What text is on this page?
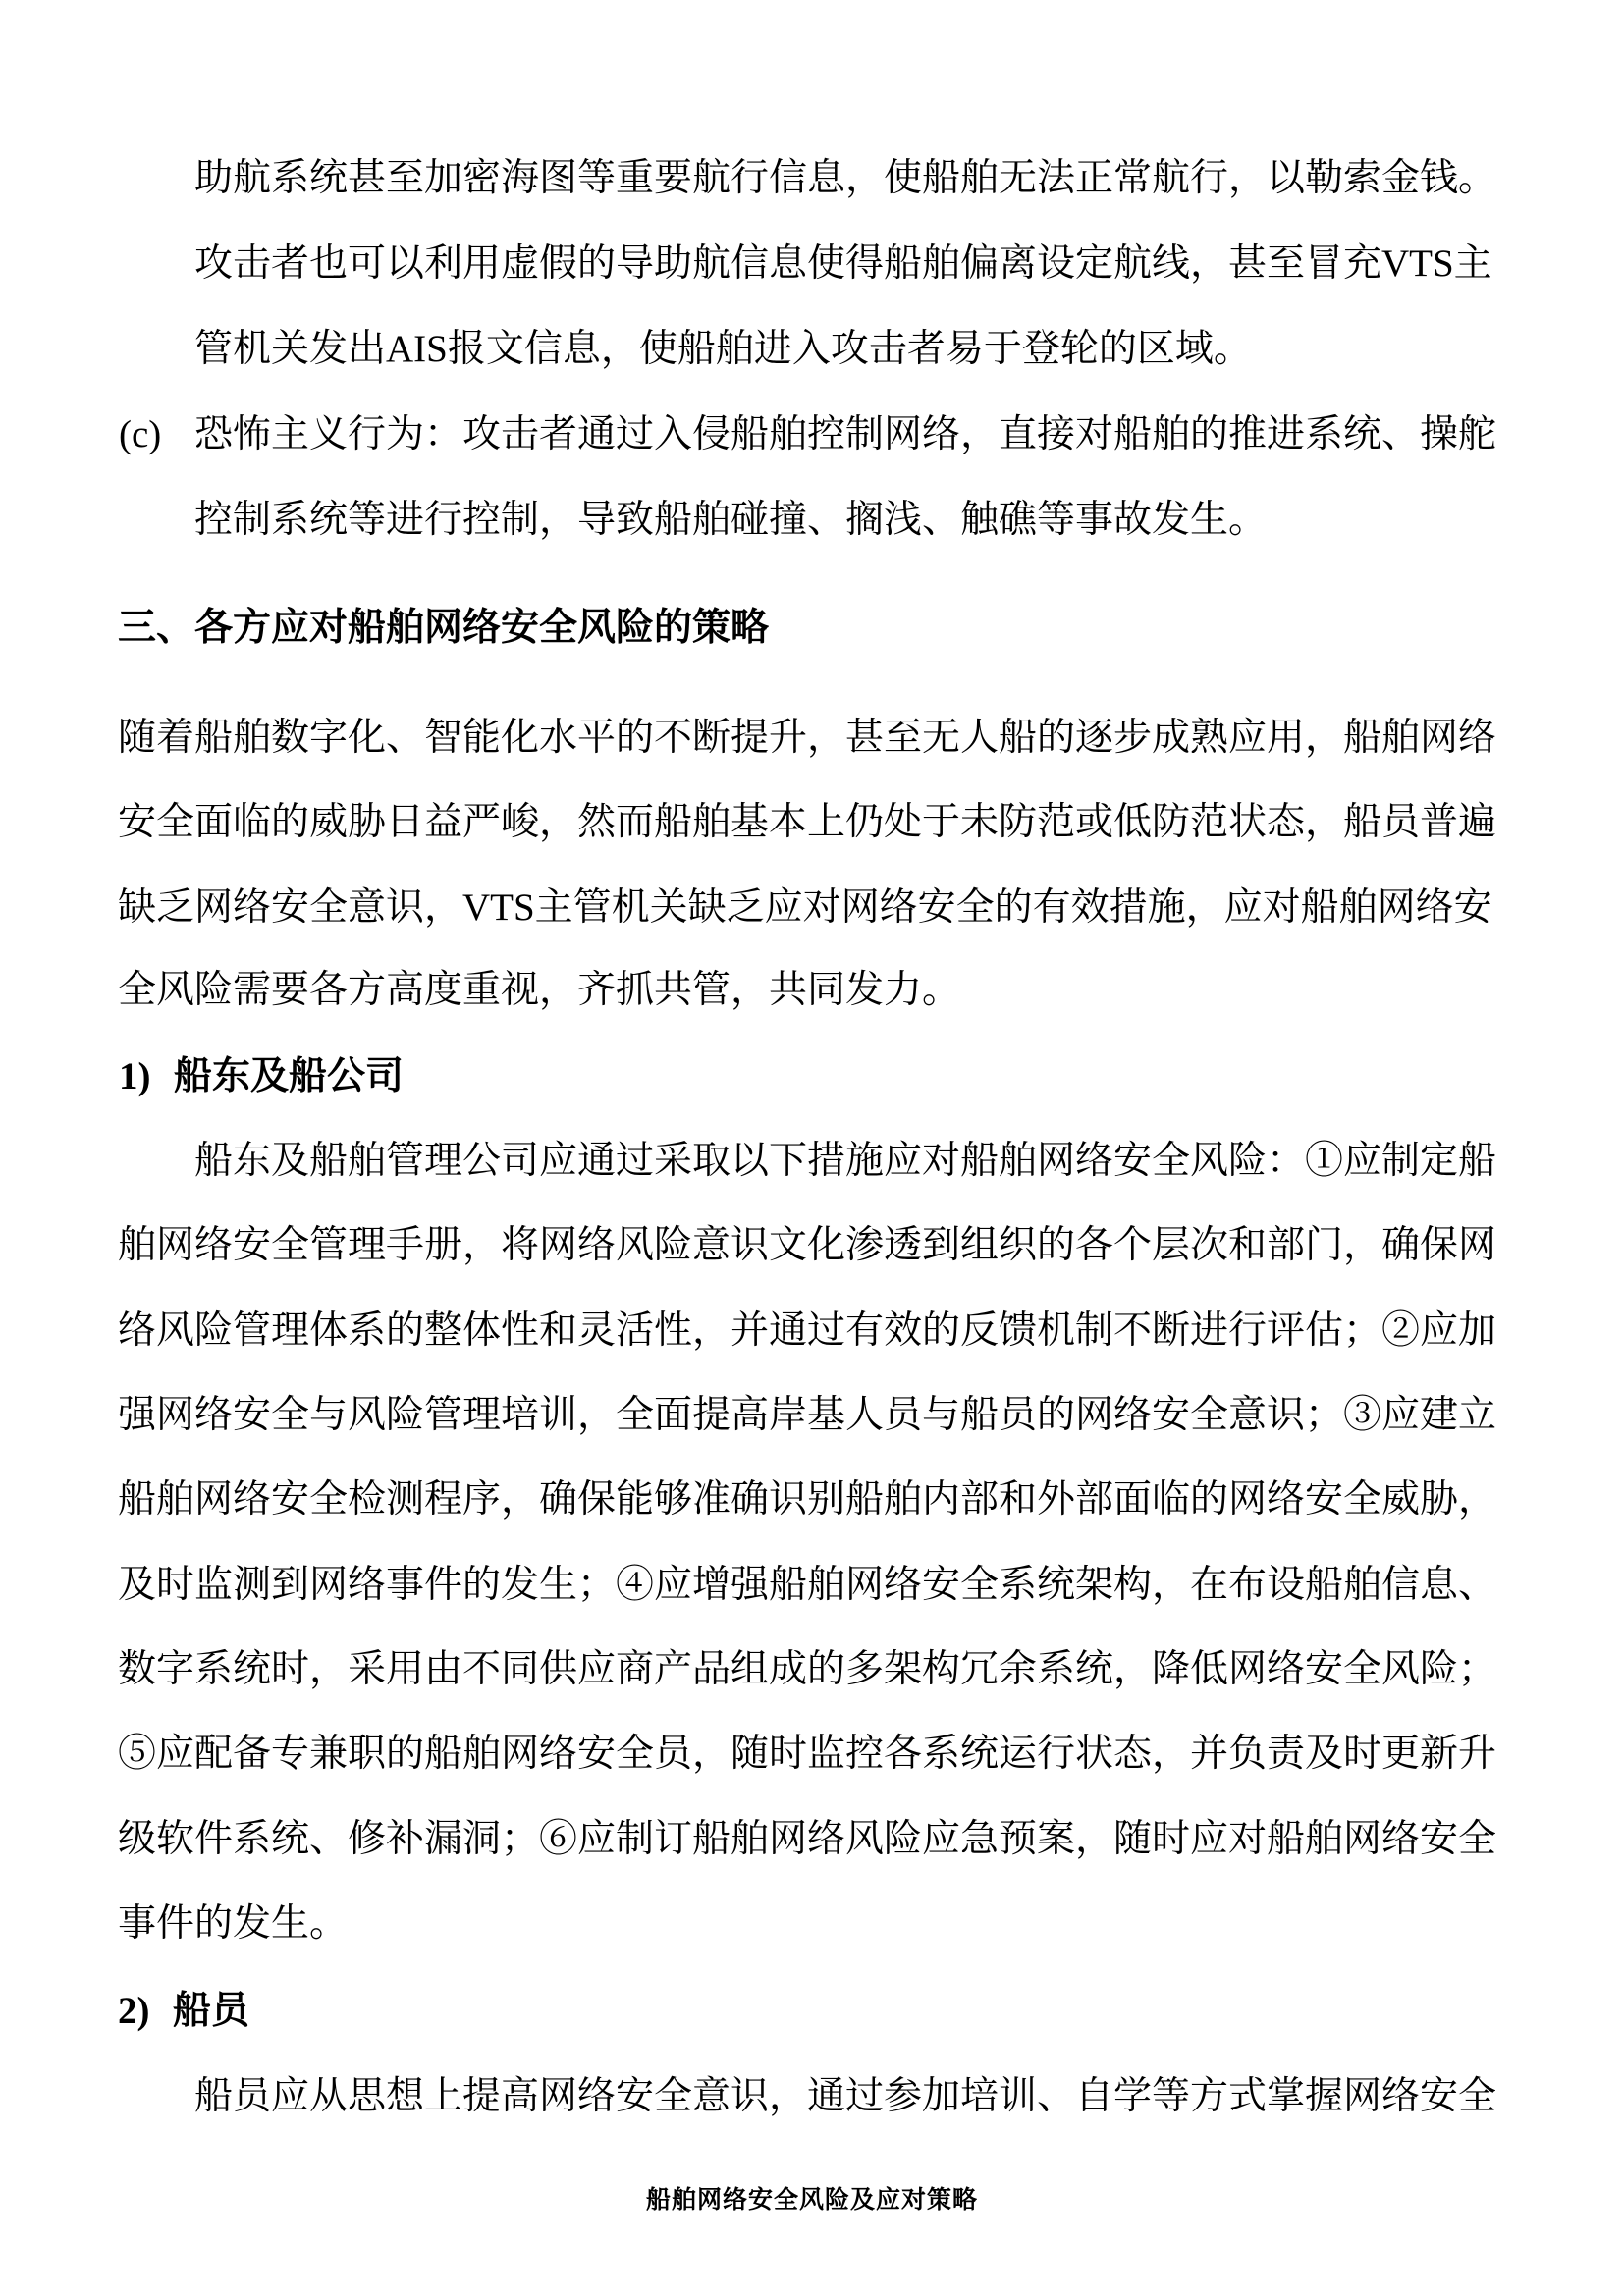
助航系统甚至加密海图等重要航行信息，使船舶无法正常航行，以勒索金钱。
攻击者也可以利用虚假的导助航信息使得船舶偏离设定航线，甚至冒充VTS主
管机关发出AIS报文信息，使船舶进入攻击者易于登轮的区域。
(c) 恐怖主义行为：攻击者通过入侵船舶控制网络，直接对船舶的推进系统、操舵
控制系统等进行控制，导致船舶碰撞、搁浅、触礁等事故发生。
三、各方应对船舶网络安全风险的策略
随着船舶数字化、智能化水平的不断提升，甚至无人船的逐步成熟应用，船舶网络
安全面临的威胁日益严峻，然而船舶基本上仍处于未防范或低防范状态，船员普遍
缺乏网络安全意识，VTS主管机关缺乏应对网络安全的有效措施，应对船舶网络安
全风险需要各方高度重视，齐抓共管，共同发力。
1) 船东及船公司
船东及船舶管理公司应通过采取以下措施应对船舶网络安全风险：①应制定船
舶网络安全管理手册，将网络风险意识文化渗透到组织的各个层次和部门，确保网
络风险管理体系的整体性和灵活性，并通过有效的反馈机制不断进行评估；②应加
强网络安全与风险管理培训，全面提高岸基人员与船员的网络安全意识；③应建立
船舶网络安全检测程序，确保能够准确识别船舶内部和外部面临的网络安全威胁，
及时监测到网络事件的发生；④应增强船舶网络安全系统架构，在布设船舶信息、
数字系统时，采用由不同供应商产品组成的多架构冗余系统，降低网络安全风险；
⑤应配备专兼职的船舶网络安全员，随时监控各系统运行状态，并负责及时更新升
级软件系统、修补漏洞；⑥应制订船舶网络风险应急预案，随时应对船舶网络安全
事件的发生。
2) 船员
船员应从思想上提高网络安全意识，通过参加培训、自学等方式掌握网络安全
船舶网络安全风险及应对策略
